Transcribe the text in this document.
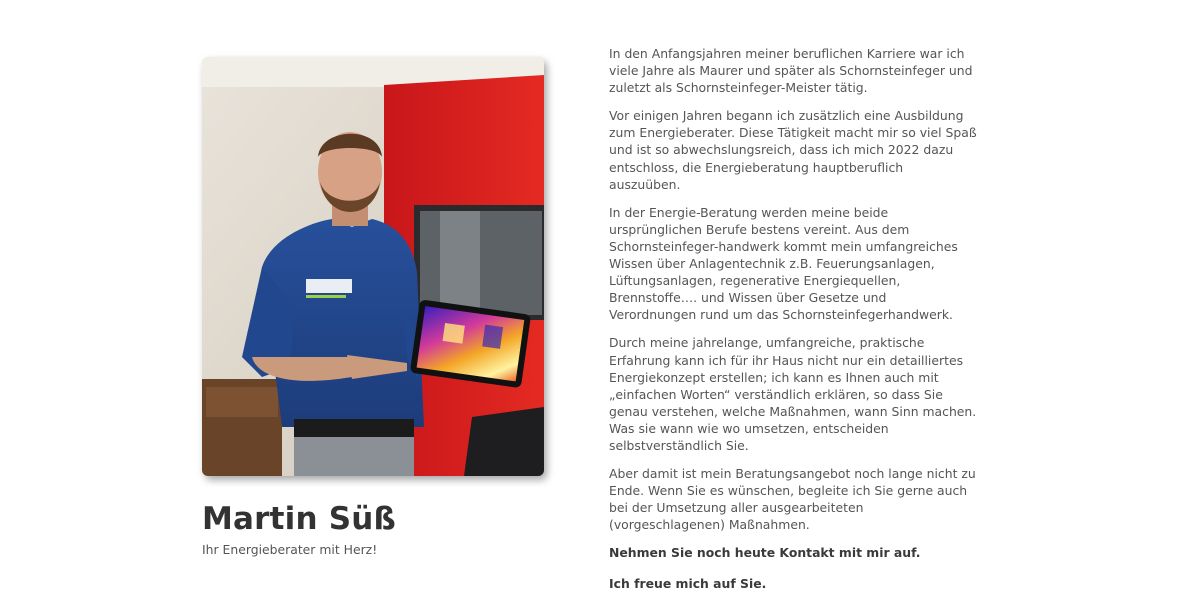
Martin Süß

Ihr Energieberater mit Herz!

In den Anfangsjahren meiner beruflichen Karriere war ich viele Jahre als Maurer und später als Schornsteinfeger und zuletzt als Schornsteinfeger-Meister tätig.

Vor einigen Jahren begann ich zusätzlich eine Ausbildung zum Energieberater. Diese Tätigkeit macht mir so viel Spaß und ist so abwechslungsreich, dass ich mich 2022 dazu entschloss, die Energieberatung hauptberuflich auszuüben.

In der Energie-Beratung werden meine beide ursprünglichen Berufe bestens vereint. Aus dem Schornsteinfeger-handwerk kommt mein umfangreiches Wissen über Anlagentechnik z.B. Feuerungsanlagen, Lüftungsanlagen, regenerative Energiequellen, Brennstoffe…. und Wissen über Gesetze und Verordnungen rund um das Schornsteinfegerhandwerk.

Durch meine jahrelange, umfangreiche, praktische Erfahrung kann ich für ihr Haus nicht nur ein detailliertes Energiekonzept erstellen; ich kann es Ihnen auch mit „einfachen Worten“ verständlich erklären, so dass Sie genau verstehen, welche Maßnahmen, wann Sinn machen. Was sie wann wie wo umsetzen, entscheiden selbstverständlich Sie.

Aber damit ist mein Beratungsangebot noch lange nicht zu Ende. Wenn Sie es wünschen, begleite ich Sie gerne auch bei der Umsetzung aller ausgearbeiteten (vorgeschlagenen) Maßnahmen.

Nehmen Sie noch heute Kontakt mit mir auf.

Ich freue mich auf Sie.
